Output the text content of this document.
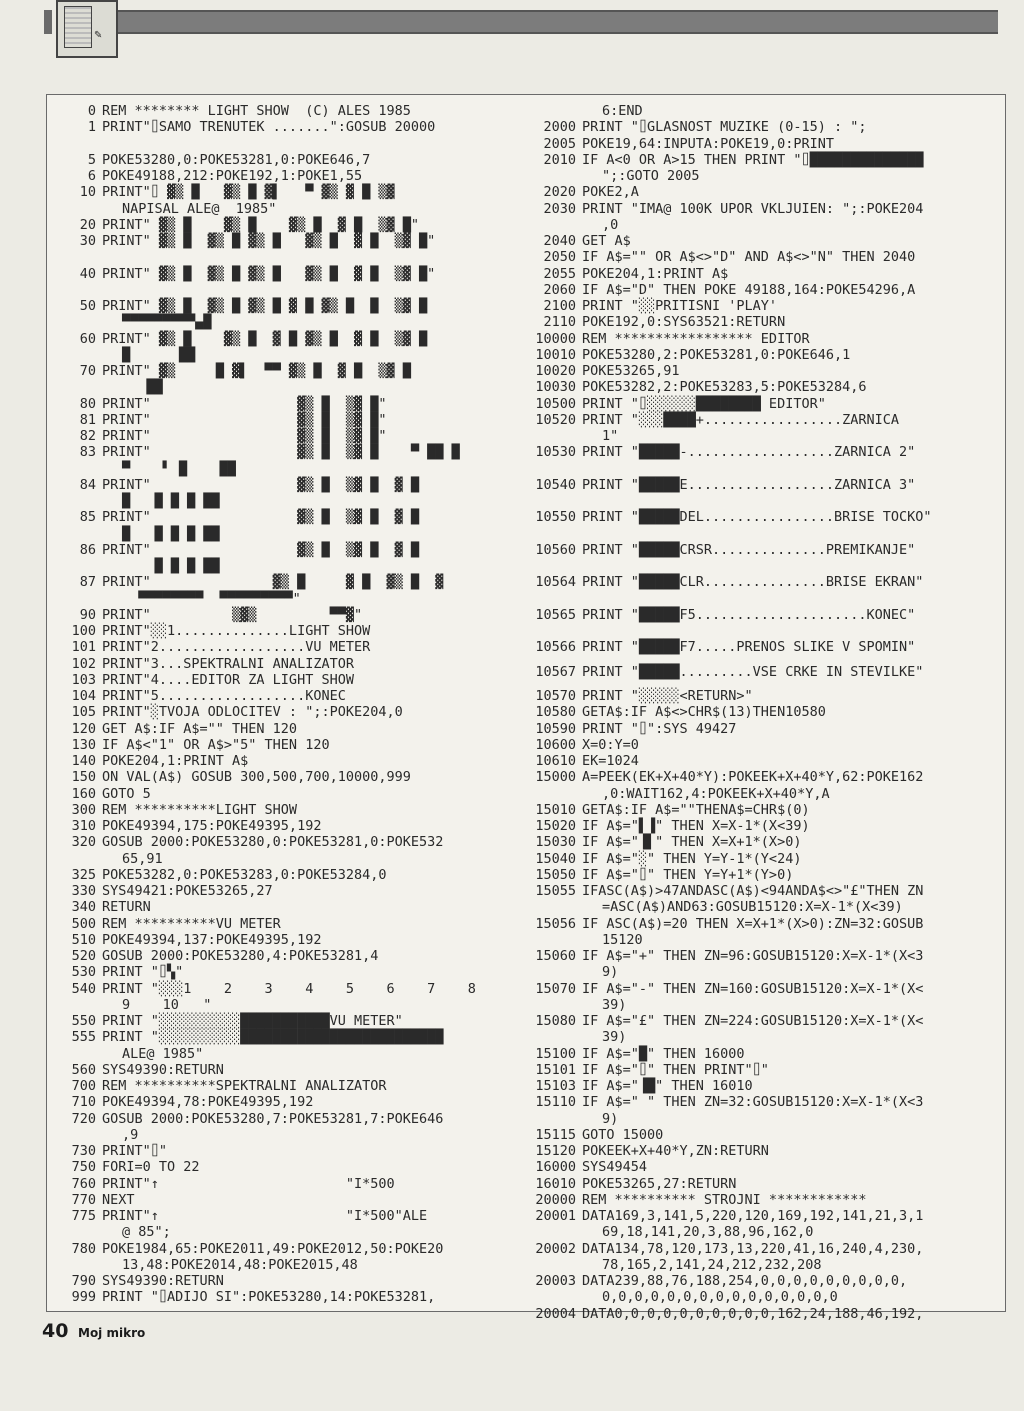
✎
0 REM ******** LIGHT SHOW  (C) ALES 1985
1 PRINT"⌷SAMO TRENUTEK .......":GOSUB 20000
5 POKE53280,0:POKE53281,0:POKE646,7
6 POKE49188,212:POKE192,1:POKE1,55
10 PRINT"⌷ ▓▒ █   ▓▒ █ ▓▌   ▀ ▓▒ ▓ █ ▒▓
NAPISAL ALE@  1985"
20 PRINT" ▓▒ █    ▓▒ █    ▓▒ █  ▓ █  ▒▓ █"
30 PRINT" ▓▒ █  ▓▒ █ ▓▒ █   ▓▒ █  ▓ █  ▒▓ █"
40 PRINT" ▓▒ █  ▓▒ █ ▓▒ █   ▓▒ █  ▓ █  ▒▓ █"
50 PRINT" ▓▒ █  ▓▒ █ ▓▒ █ ▓ █ ▓▒ █  █  ▒▓ █
▀▀▀▀▀▀▀▀▀▄█
60 PRINT" ▓▒ █    ▓▒ █  ▓ █ ▓▒ █  ▓ █  ▒▓ █
█      ██
70 PRINT" ▓▒     █ ▓▌  ▀▀ ▓▒ █  ▓ █  ▒▓ █
██
80 PRINT"                  ▓▒ █  ▒▓ █"
81 PRINT"                  ▓▒ █  ▒▓ █"
82 PRINT"                  ▓▒ █  ▒▓ █"
83 PRINT"                  ▓▒ █  ▒▓ █    ▀ ██ █
▀    ▘ █    ██
84 PRINT"                  ▓▒ █  ▒▓ █  ▓ █
█   █ █ █ ██
85 PRINT"                  ▓▒ █  ▒▓ █  ▓ █
█   █ █ █ ██
86 PRINT"                  ▓▒ █  ▒▓ █  ▓ █
█ █ █ ██
87 PRINT"               ▓▒ █     ▓ █  ▓▒ █  ▓
▀▀▀▀▀▀▀▀  ▀▀▀▀▀▀▀▀▀"
90 PRINT"          ▒▓▒         ▀▀▓"
100 PRINT"░░1..............LIGHT SHOW
101 PRINT"2..................VU METER
102 PRINT"3...SPEKTRALNI ANALIZATOR
103 PRINT"4....EDITOR ZA LIGHT SHOW
104 PRINT"5..................KONEC
105 PRINT"░TVOJA ODLOCITEV : ";:POKE204,0
120 GET A$:IF A$="" THEN 120
130 IF A$<"1" OR A$>"5" THEN 120
140 POKE204,1:PRINT A$
150 ON VAL(A$) GOSUB 300,500,700,10000,999
160 GOTO 5
300 REM **********LIGHT SHOW
310 POKE49394,175:POKE49395,192
320 GOSUB 2000:POKE53280,0:POKE53281,0:POKE532
65,91
325 POKE53282,0:POKE53283,0:POKE53284,0
330 SYS49421:POKE53265,27
340 RETURN
500 REM **********VU METER
510 POKE49394,137:POKE49395,192
520 GOSUB 2000:POKE53280,4:POKE53281,4
530 PRINT "⌷▚"
540 PRINT "░░░1    2    3    4    5    6    7    8
9    10   "
550 PRINT "░░░░░░░░░░███████████VU METER"
555 PRINT "░░░░░░░░░░█████████████████████████
ALE@ 1985"
560 SYS49390:RETURN
700 REM **********SPEKTRALNI ANALIZATOR
710 POKE49394,78:POKE49395,192
720 GOSUB 2000:POKE53280,7:POKE53281,7:POKE646
,9
730 PRINT"⌷"
750 FORI=0 TO 22
760 PRINT"↑                       "I*500
770 NEXT
775 PRINT"↑                       "I*500"ALE
@ 85";
780 POKE1984,65:POKE2011,49:POKE2012,50:POKE20
13,48:POKE2014,48:POKE2015,48
790 SYS49390:RETURN
999 PRINT "⌷ADIJO SI":POKE53280,14:POKE53281,
6:END
2000 PRINT "⌷GLASNOST MUZIKE (0-15) : ";
2005 POKE19,64:INPUTA:POKE19,0:PRINT
2010 IF A<0 OR A>15 THEN PRINT "⌷██████████████
";:GOTO 2005
2020 POKE2,A
2030 PRINT "IMA@ 100K UPOR VKLJUIEN: ";:POKE204
,0
2040 GET A$
2050 IF A$="" OR A$<>"D" AND A$<>"N" THEN 2040
2055 POKE204,1:PRINT A$
2060 IF A$="D" THEN POKE 49188,164:POKE54296,A
2100 PRINT "░░PRITISNI 'PLAY'
2110 POKE192,0:SYS63521:RETURN
10000 REM ***************** EDITOR
10010 POKE53280,2:POKE53281,0:POKE646,1
10020 POKE53265,91
10030 POKE53282,2:POKE53283,5:POKE53284,6
10500 PRINT "⌷░░░░░░████████ EDITOR"
10520 PRINT "░░░████+.................ZARNICA
1"
10530 PRINT "█████-..................ZARNICA 2"
10540 PRINT "█████E..................ZARNICA 3"
10550 PRINT "█████DEL................BRISE TOCKO"
10560 PRINT "█████CRSR..............PREMIKANJE"
10564 PRINT "█████CLR...............BRISE EKRAN"
10565 PRINT "█████F5.....................KONEC"
10566 PRINT "█████F7.....PRENOS SLIKE V SPOMIN"
10567 PRINT "█████.........VSE CRKE IN STEVILKE"
10570 PRINT "░░░░░<RETURN>"
10580 GETA$:IF A$<>CHR$(13)THEN10580
10590 PRINT "⌷":SYS 49427
10600 X=0:Y=0
10610 EK=1024
15000 A=PEEK(EK+X+40*Y):POKEEK+X+40*Y,62:POKE162
,0:WAIT162,4:POKEEK+X+40*Y,A
15010 GETA$:IF A$=""THENA$=CHR$(0)
15020 IF A$="▌▐" THEN X=X-1*(X<39)
15030 IF A$="▐▌" THEN X=X+1*(X>0)
15040 IF A$="░" THEN Y=Y-1*(Y<24)
15050 IF A$="⌷" THEN Y=Y+1*(Y>0)
15055 IFASC(A$)>47ANDASC(A$)<94ANDA$<>"£"THEN ZN
=ASC(A$)AND63:GOSUB15120:X=X-1*(X<39)
15056 IF ASC(A$)=20 THEN X=X+1*(X>0):ZN=32:GOSUB
15120
15060 IF A$="+" THEN ZN=96:GOSUB15120:X=X-1*(X<3
9)
15070 IF A$="-" THEN ZN=160:GOSUB15120:X=X-1*(X<
39)
15080 IF A$="£" THEN ZN=224:GOSUB15120:X=X-1*(X<
39)
15100 IF A$="█" THEN 16000
15101 IF A$="⌷" THEN PRINT"⌷"
15103 IF A$="▐█" THEN 16010
15110 IF A$=" " THEN ZN=32:GOSUB15120:X=X-1*(X<3
9)
15115 GOTO 15000
15120 POKEEK+X+40*Y,ZN:RETURN
16000 SYS49454
16010 POKE53265,27:RETURN
20000 REM ********** STROJNI ************
20001 DATA169,3,141,5,220,120,169,192,141,21,3,1
69,18,141,20,3,88,96,162,0
20002 DATA134,78,120,173,13,220,41,16,240,4,230,
78,165,2,141,24,212,232,208
20003 DATA239,88,76,188,254,0,0,0,0,0,0,0,0,0,
0,0,0,0,0,0,0,0,0,0,0,0,0,0,0
20004 DATA0,0,0,0,0,0,0,0,0,0,162,24,188,46,192,
40 Moj mikro
